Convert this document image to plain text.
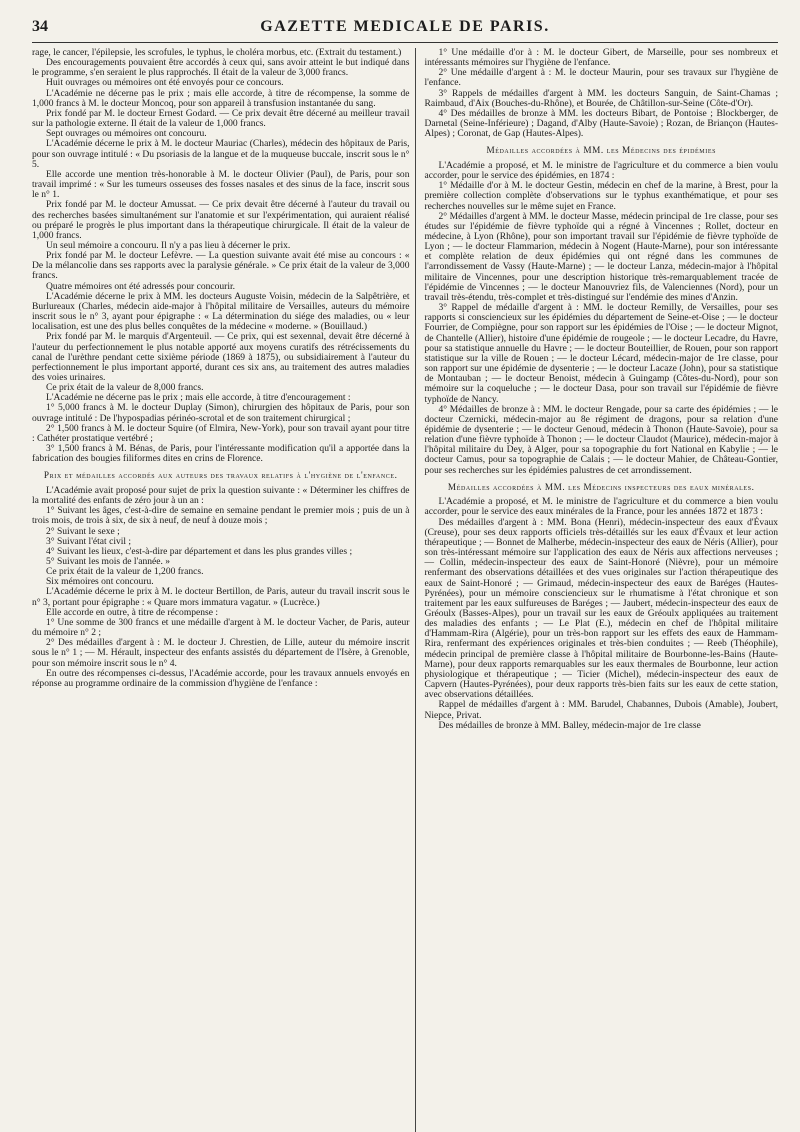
34	GAZETTE MEDICALE DE PARIS.

rage, le cancer, l'épilepsie, les scrofules, le typhus, le choléra morbus, etc. (Extrait du testament.)

Des encouragements pouvaient être accordés à ceux qui, sans avoir atteint le but indiqué dans le programme, s'en seraient le plus rapprochés. Il était de la valeur de 3,000 francs.

Huit ouvrages ou mémoires ont été envoyés pour ce concours.

L'Académie ne décerne pas le prix ; mais elle accorde, à titre de récompense, la somme de 1,000 francs à M. le docteur Moncoq, pour son appareil à transfusion instantanée du sang.

Prix fondé par M. le docteur Ernest Godard. — Ce prix devait être décerné au meilleur travail sur la pathologie externe. Il était de la valeur de 1,000 francs.

Sept ouvrages ou mémoires ont concouru.

L'Académie décerne le prix à M. le docteur Mauriac (Charles), médecin des hôpitaux de Paris, pour son ouvrage intitulé : « Du psoriasis de la langue et de la muqueuse buccale, inscrit sous le n° 5.

Elle accorde une mention très-honorable à M. le docteur Olivier (Paul), de Paris, pour son travail imprimé : « Sur les tumeurs osseuses des fosses nasales et des sinus de la face, inscrit sous le n° 1.

Prix fondé par M. le docteur Amussat. — Ce prix devait être décerné à l'auteur du travail ou des recherches basées simultanément sur l'anatomie et sur l'expérimentation, qui auraient réalisé ou préparé le progrès le plus important dans la thérapeutique chirurgicale. Il était de la valeur de 1,000 francs.

Un seul mémoire a concouru. Il n'y a pas lieu à décerner le prix.

Prix fondé par M. le docteur Lefèvre. — La question suivante avait été mise au concours : « De la mélancolie dans ses rapports avec la paralysie générale. » Ce prix était de la valeur de 3,000 francs.

Quatre mémoires ont été adressés pour concourir.

L'Académie décerne le prix à MM. les docteurs Auguste Voisin, médecin de la Salpêtrière, et Burlureaux (Charles, médecin aide-major à l'hôpital militaire de Versailles, auteurs du mémoire inscrit sous le n° 3, ayant pour épigraphe : « La détermination du siége des maladies, ou « leur localisation, est une des plus belles conquêtes de la médecine « moderne. » (Bouillaud.)

Prix fondé par M. le marquis d'Argenteuil. — Ce prix, qui est sexennal, devait être décerné à l'auteur du perfectionnement le plus notable apporté aux moyens curatifs des rétrécissements du canal de l'urèthre pendant cette sixième période (1869 à 1875), ou subsidiairement à l'auteur du perfectionnement le plus important apporté, durant ces six ans, au traitement des autres maladies des voies urinaires.

Ce prix était de la valeur de 8,000 francs.

L'Académie ne décerne pas le prix ; mais elle accorde, à titre d'encouragement :

1° 5,000 francs à M. le docteur Duplay (Simon), chirurgien des hôpitaux de Paris, pour son ouvrage intitulé : De l'hypospadias périnéo-scrotal et de son traitement chirurgical ;

2° 1,500 francs à M. le docteur Squire (of Elmira, New-York), pour son travail ayant pour titre : Cathéter prostatique vertébré ;

3° 1,500 francs à M. Bénas, de Paris, pour l'intéressante modification qu'il a apportée dans la fabrication des bougies filiformes dites en crins de Florence.

Prix et médailles accordés aux auteurs des travaux relatifs à l'hygiène de l'enfance.

L'Académie avait proposé pour sujet de prix la question suivante : « Déterminer les chiffres de la mortalité des enfants de zéro jour à un an :

1° Suivant les âges, c'est-à-dire de semaine en semaine pendant le premier mois ; puis de un à trois mois, de trois à six, de six à neuf, de neuf à douze mois ;

2° Suivant le sexe ;

3° Suivant l'état civil ;

4° Suivant les lieux, c'est-à-dire par département et dans les plus grandes villes ;

5° Suivant les mois de l'année. »

Ce prix était de la valeur de 1,200 francs.

Six mémoires ont concouru.

L'Académie décerne le prix à M. le docteur Bertillon, de Paris, auteur du travail inscrit sous le n° 3, portant pour épigraphe : « Quare mors immatura vagatur. » (Lucrèce.)

Elle accorde en outre, à titre de récompense :

1° Une somme de 300 francs et une médaille d'argent à M. le docteur Vacher, de Paris, auteur du mémoire n° 2 ;

2° Des médailles d'argent à : M. le docteur J. Chrestien, de Lille, auteur du mémoire inscrit sous le n° 1 ; — M. Hérault, inspecteur des enfants assistés du département de l'Isère, à Grenoble, pour son mémoire inscrit sous le n° 4.

En outre des récompenses ci-dessus, l'Académie accorde, pour les travaux annuels envoyés en réponse au programme ordinaire de la commission d'hygiène de l'enfance :

1° Une médaille d'or à : M. le docteur Gibert, de Marseille, pour ses nombreux et intéressants mémoires sur l'hygiène de l'enfance.

2° Une médaille d'argent à : M. le docteur Maurin, pour ses travaux sur l'hygiène de l'enfance.

3° Rappels de médailles d'argent à MM. les docteurs Sanguin, de Saint-Chamas ; Raimbaud, d'Aix (Bouches-du-Rhône), et Bourée, de Châtillon-sur-Seine (Côte-d'Or).

4° Des médailles de bronze à MM. les docteurs Bibart, de Pontoise ; Blockberger, de Darnetal (Seine-Inférieure) ; Dagand, d'Alby (Haute-Savoie) ; Rozan, de Briançon (Hautes-Alpes) ; Coronat, de Gap (Hautes-Alpes).

Médailles accordées à MM. les Médecins des épidémies

L'Académie a proposé, et M. le ministre de l'agriculture et du commerce a bien voulu accorder, pour le service des épidémies, en 1874 :

1° Médaille d'or à M. le docteur Gestin, médecin en chef de la marine, à Brest, pour la première collection complète d'observations sur le typhus exanthématique, et pour ses recherches nouvelles sur le même sujet en France.

2° Médailles d'argent à MM. le docteur Masse, médecin principal de 1re classe, pour ses études sur l'épidémie de fièvre typhoïde qui a régné à Vincennes ; Rollet, docteur en médecine, à Lyon (Rhône), pour son important travail sur l'épidémie de fièvre typhoïde de Lyon ; — le docteur Flammarion, médecin à Nogent (Haute-Marne), pour son intéressante et complète relation de deux épidémies qui ont régné dans les communes de l'arrondissement de Vassy (Haute-Marne) ; — le docteur Lanza, médecin-major à l'hôpital militaire de Vincennes, pour une description historique très-remarquablement tracée de l'épidémie de Vincennes ; — le docteur Manouvriez fils, de Valenciennes (Nord), pour un travail très-étendu, très-complet et très-distingué sur l'endémie des mines d'Anzin.

3° Rappel de médaille d'argent à : MM. le docteur Remilly, de Versailles, pour ses rapports si consciencieux sur les épidémies du département de Seine-et-Oise ; — le docteur Fourrier, de Compiègne, pour son rapport sur les épidémies de l'Oise ; — le docteur Mignot, de Chantelle (Allier), histoire d'une épidémie de rougeole ; — le docteur Lecadre, du Havre, pour sa statistique annuelle du Havre ; — le docteur Bouteillier, de Rouen, pour son rapport statistique sur la ville de Rouen ; — le docteur Lécard, médecin-major de 1re classe, pour son rapport sur une épidémie de dysenterie ; — le docteur Lacaze (John), pour sa statistique de Montauban ; — le docteur Benoist, médecin à Guingamp (Côtes-du-Nord), pour son mémoire sur la coqueluche ; — le docteur Dasa, pour son travail sur l'épidémie de fièvre typhoïde de Nancy.

4° Médailles de bronze à : MM. le docteur Rengade, pour sa carte des épidémies ; — le docteur Czernicki, médecin-major au 8e régiment de dragons, pour sa relation d'une épidémie de dysenterie ; — le docteur Genoud, médecin à Thonon (Haute-Savoie), pour sa relation d'une fièvre typhoïde à Thonon ; — le docteur Claudot (Maurice), médecin-major à l'hôpital militaire du Dey, à Alger, pour sa topographie du fort National en Kabylie ; — le docteur Camus, pour sa topographie de Calais ; — le docteur Mahier, de Château-Gontier, pour ses recherches sur les épidémies palustres de cet arrondissement.

Médailles accordées à MM. les Médecins inspecteurs des eaux minérales.

L'Académie a proposé, et M. le ministre de l'agriculture et du commerce a bien voulu accorder, pour le service des eaux minérales de la France, pour les années 1872 et 1873 :

Des médailles d'argent à : MM. Bona (Henri), médecin-inspecteur des eaux d'Évaux (Creuse), pour ses deux rapports officiels très-détaillés sur les eaux d'Évaux et leur action thérapeutique ; — Bonnet de Malherbe, médecin-inspecteur des eaux de Néris (Allier), pour son très-intéressant mémoire sur l'application des eaux de Néris aux affections nerveuses ; — Collin, médecin-inspecteur des eaux de Saint-Honoré (Nièvre), pour un mémoire renfermant des observations détaillées et des vues originales sur l'action thérapeutique des eaux de Saint-Honoré ; — Grimaud, médecin-inspecteur des eaux de Baréges (Hautes-Pyrénées), pour un mémoire consciencieux sur le rhumatisme à l'état chronique et son traitement par les eaux sulfureuses de Baréges ; — Jaubert, médecin-inspecteur des eaux de Gréoulx (Basses-Alpes), pour un travail sur les eaux de Gréoulx appliquées au traitement des maladies des enfants ; — Le Plat (E.), médecin en chef de l'hôpital militaire d'Hammam-Rira (Algérie), pour un très-bon rapport sur les effets des eaux de Hammam-Rira, renfermant des expériences originales et très-bien conduites ; — Reeb (Théophile), médecin principal de première classe à l'hôpital militaire de Bourbonne-les-Bains (Haute-Marne), pour deux rapports remarquables sur les eaux thermales de Bourbonne, leur action physiologique et thérapeutique ; — Ticier (Michel), médecin-inspecteur des eaux de Capvern (Hautes-Pyrénées), pour deux rapports très-bien faits sur les eaux de cette station, avec observations détaillées.

Rappel de médailles d'argent à : MM. Barudel, Chabannes, Dubois (Amable), Joubert, Niepce, Privat.

Des médailles de bronze à MM. Balley, médecin-major de 1re classe
